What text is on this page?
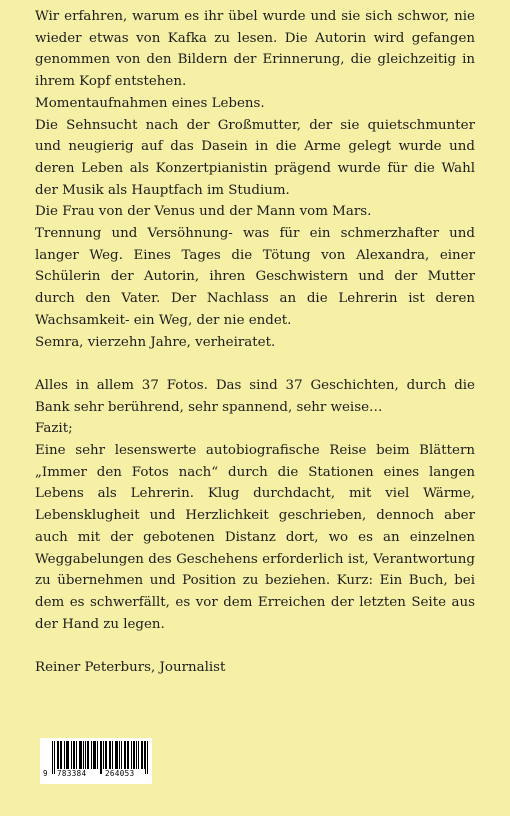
Wir erfahren, warum es ihr übel wurde und sie sich schwor, nie wieder etwas von Kafka zu lesen. Die Autorin wird gefangen genommen von den Bildern der Erinnerung, die gleichzeitig in ihrem Kopf entstehen.

Momentaufnahmen eines Lebens.

Die Sehnsucht nach der Großmutter, der sie quietschmunter und neugierig auf das Dasein in die Arme gelegt wurde und deren Leben als Konzertpianistin prägend wurde für die Wahl der Musik als Hauptfach im Studium.

Die Frau von der Venus und der Mann vom Mars.

Trennung und Versöhnung- was für ein schmerzhafter und langer Weg. Eines Tages die Tötung von Alexandra, einer Schülerin der Autorin, ihren Geschwistern und der Mutter durch den Vater. Der Nachlass an die Lehrerin ist deren Wachsamkeit- ein Weg, der nie endet.

Semra, vierzehn Jahre, verheiratet.

Alles in allem 37 Fotos. Das sind 37 Geschichten, durch die Bank sehr berührend, sehr spannend, sehr weise…

Fazit;

Eine sehr lesenswerte autobiografische Reise beim Blättern „Immer den Fotos nach“ durch die Stationen eines langen Lebens als Lehrerin. Klug durchdacht, mit viel Wärme, Lebensklugheit und Herzlichkeit geschrieben, dennoch aber auch mit der gebotenen Distanz dort, wo es an einzelnen Weggabelungen des Geschehens erforderlich ist, Verantwortung zu übernehmen und Position zu beziehen. Kurz: Ein Buch, bei dem es schwerfällt, es vor dem Erreichen der letzten Seite aus der Hand zu legen.

Reiner Peterburs, Journalist

9 783384 264053
